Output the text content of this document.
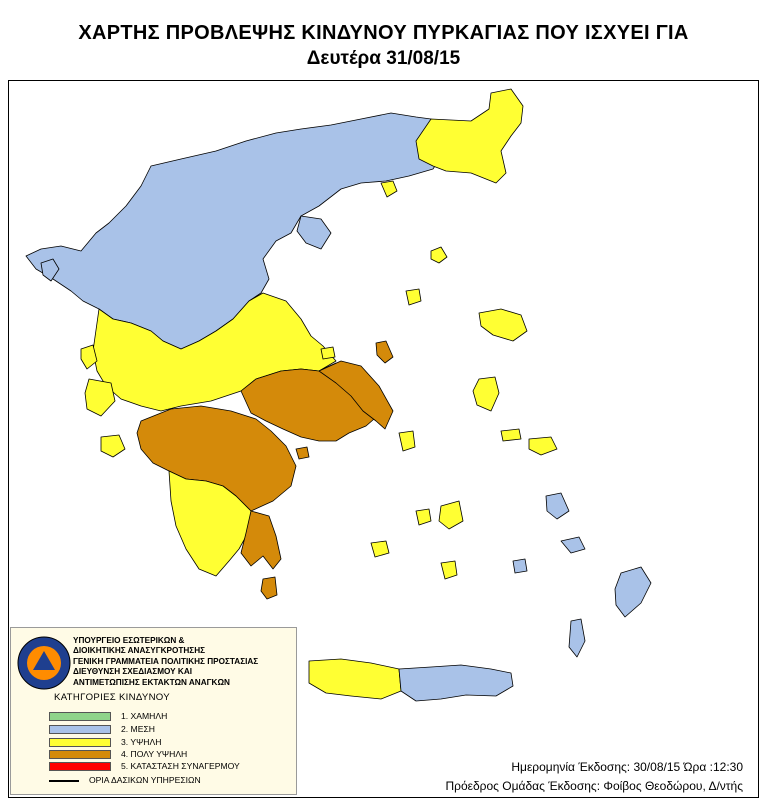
ΧΑΡΤΗΣ ΠΡΟΒΛΕΨΗΣ ΚΙΝΔΥΝΟΥ ΠΥΡΚΑΓΙΑΣ ΠΟΥ ΙΣΧΥΕΙ ΓΙΑ
Δευτέρα 31/08/15
ΥΠΟΥΡΓΕΙΟ ΕΣΩΤΕΡΙΚΩΝ &
ΔΙΟΙΚΗΤΙΚΗΣ ΑΝΑΣΥΓΚΡΟΤΗΣΗΣ
ΓΕΝΙΚΗ ΓΡΑΜΜΑΤΕΙΑ ΠΟΛΙΤΙΚΗΣ ΠΡΟΣΤΑΣΙΑΣ
ΔΙΕΥΘΥΝΣΗ ΣΧΕΔΙΑΣΜΟΥ ΚΑΙ
ΑΝΤΙΜΕΤΩΠΙΣΗΣ ΕΚΤΑΚΤΩΝ ΑΝΑΓΚΩΝ
ΚΑΤΗΓΟΡΙΕΣ ΚΙΝΔΥΝΟΥ
1. ΧΑΜΗΛΗ
2. ΜΕΣΗ
3. ΥΨΗΛΗ
4. ΠΟΛΥ ΥΨΗΛΗ
5. ΚΑΤΑΣΤΑΣΗ ΣΥΝΑΓΕΡΜΟΥ
ΟΡΙΑ ΔΑΣΙΚΩΝ ΥΠΗΡΕΣΙΩΝ
Ημερομηνία Έκδοσης: 30/08/15 Ώρα :12:30
Πρόεδρος Ομάδας Έκδοσης: Φοίβος Θεοδώρου, Δ/ντής
